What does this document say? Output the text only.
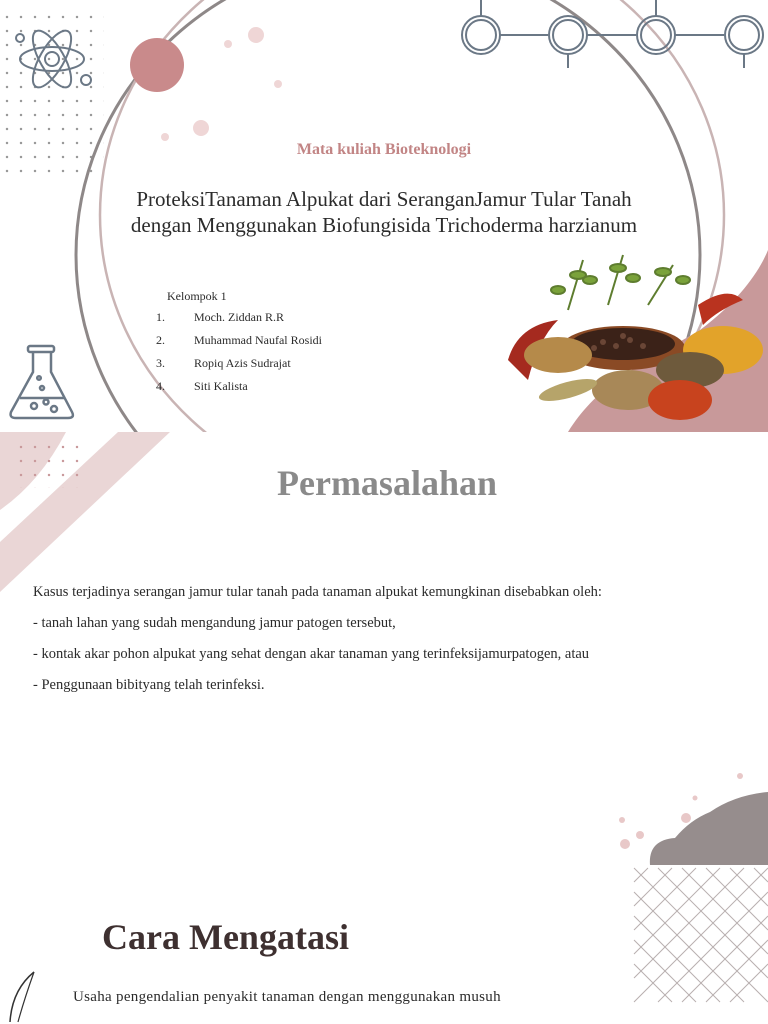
Mata kuliah Bioteknologi
ProteksiTanaman Alpukat dari SeranganJamur Tular Tanah
dengan Menggunakan Biofungisida Trichoderma harzianum
Kelompok 1
1.	Moch. Ziddan R.R
2.	Muhammad Naufal Rosidi
3.	Ropiq Azis Sudrajat
4.	Siti Kalista
Permasalahan
Kasus terjadinya serangan jamur tular tanah pada tanaman alpukat kemungkinan disebabkan oleh:
- tanah lahan yang sudah mengandung jamur patogen tersebut,
- kontak akar pohon alpukat yang sehat dengan akar tanaman yang terinfeksijamurpatogen, atau
- Penggunaan bibityang telah terinfeksi.
Cara Mengatasi
Usaha pengendalian penyakit tanaman dengan menggunakan musuh
